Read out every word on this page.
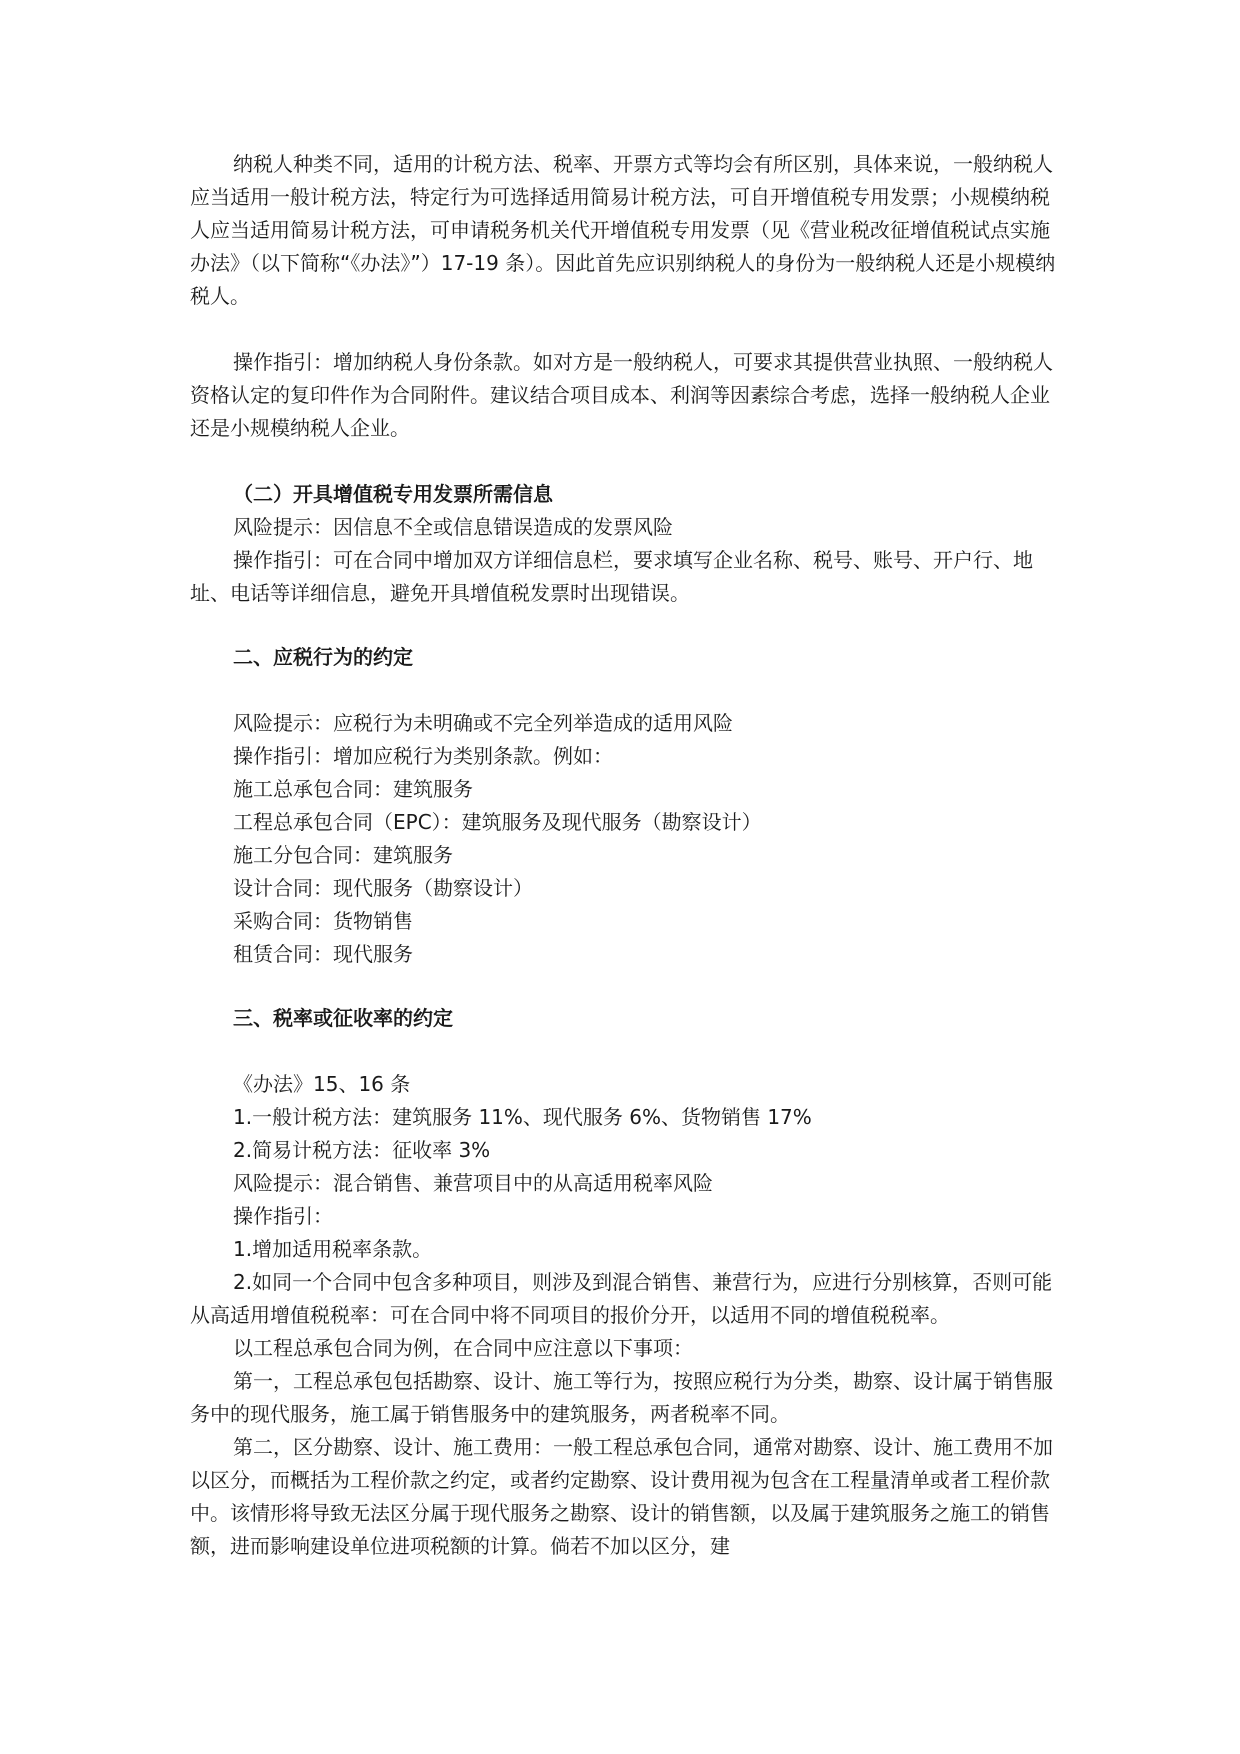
纳税人种类不同，适用的计税方法、税率、开票方式等均会有所区别，具体来说，一般纳税人应当适用一般计税方法，特定行为可选择适用简易计税方法，可自开增值税专用发票；小规模纳税人应当适用简易计税方法，可申请税务机关代开增值税专用发票（见《营业税改征增值税试点实施办法》（以下简称“《办法》”）17-19 条）。因此首先应识别纳税人的身份为一般纳税人还是小规模纳税人。

操作指引：增加纳税人身份条款。如对方是一般纳税人，可要求其提供营业执照、一般纳税人资格认定的复印件作为合同附件。建议结合项目成本、利润等因素综合考虑，选择一般纳税人企业还是小规模纳税人企业。

（二）开具增值税专用发票所需信息

风险提示：因信息不全或信息错误造成的发票风险

操作指引：可在合同中增加双方详细信息栏，要求填写企业名称、税号、账号、开户行、地址、电话等详细信息，避免开具增值税发票时出现错误。

二、应税行为的约定

风险提示：应税行为未明确或不完全列举造成的适用风险

操作指引：增加应税行为类别条款。例如：

施工总承包合同：建筑服务

工程总承包合同（EPC）：建筑服务及现代服务（勘察设计）

施工分包合同：建筑服务

设计合同：现代服务（勘察设计）

采购合同：货物销售

租赁合同：现代服务

三、税率或征收率的约定

《办法》15、16 条

1.一般计税方法：建筑服务 11%、现代服务 6%、货物销售 17%

2.简易计税方法：征收率 3%

风险提示：混合销售、兼营项目中的从高适用税率风险

操作指引：

1.增加适用税率条款。

2.如同一个合同中包含多种项目，则涉及到混合销售、兼营行为，应进行分别核算，否则可能从高适用增值税税率：可在合同中将不同项目的报价分开，以适用不同的增值税税率。

以工程总承包合同为例，在合同中应注意以下事项：

第一，工程总承包包括勘察、设计、施工等行为，按照应税行为分类，勘察、设计属于销售服务中的现代服务，施工属于销售服务中的建筑服务，两者税率不同。

第二，区分勘察、设计、施工费用：一般工程总承包合同，通常对勘察、设计、施工费用不加以区分，而概括为工程价款之约定，或者约定勘察、设计费用视为包含在工程量清单或者工程价款中。该情形将导致无法区分属于现代服务之勘察、设计的销售额，以及属于建筑服务之施工的销售额，进而影响建设单位进项税额的计算。倘若不加以区分，建
